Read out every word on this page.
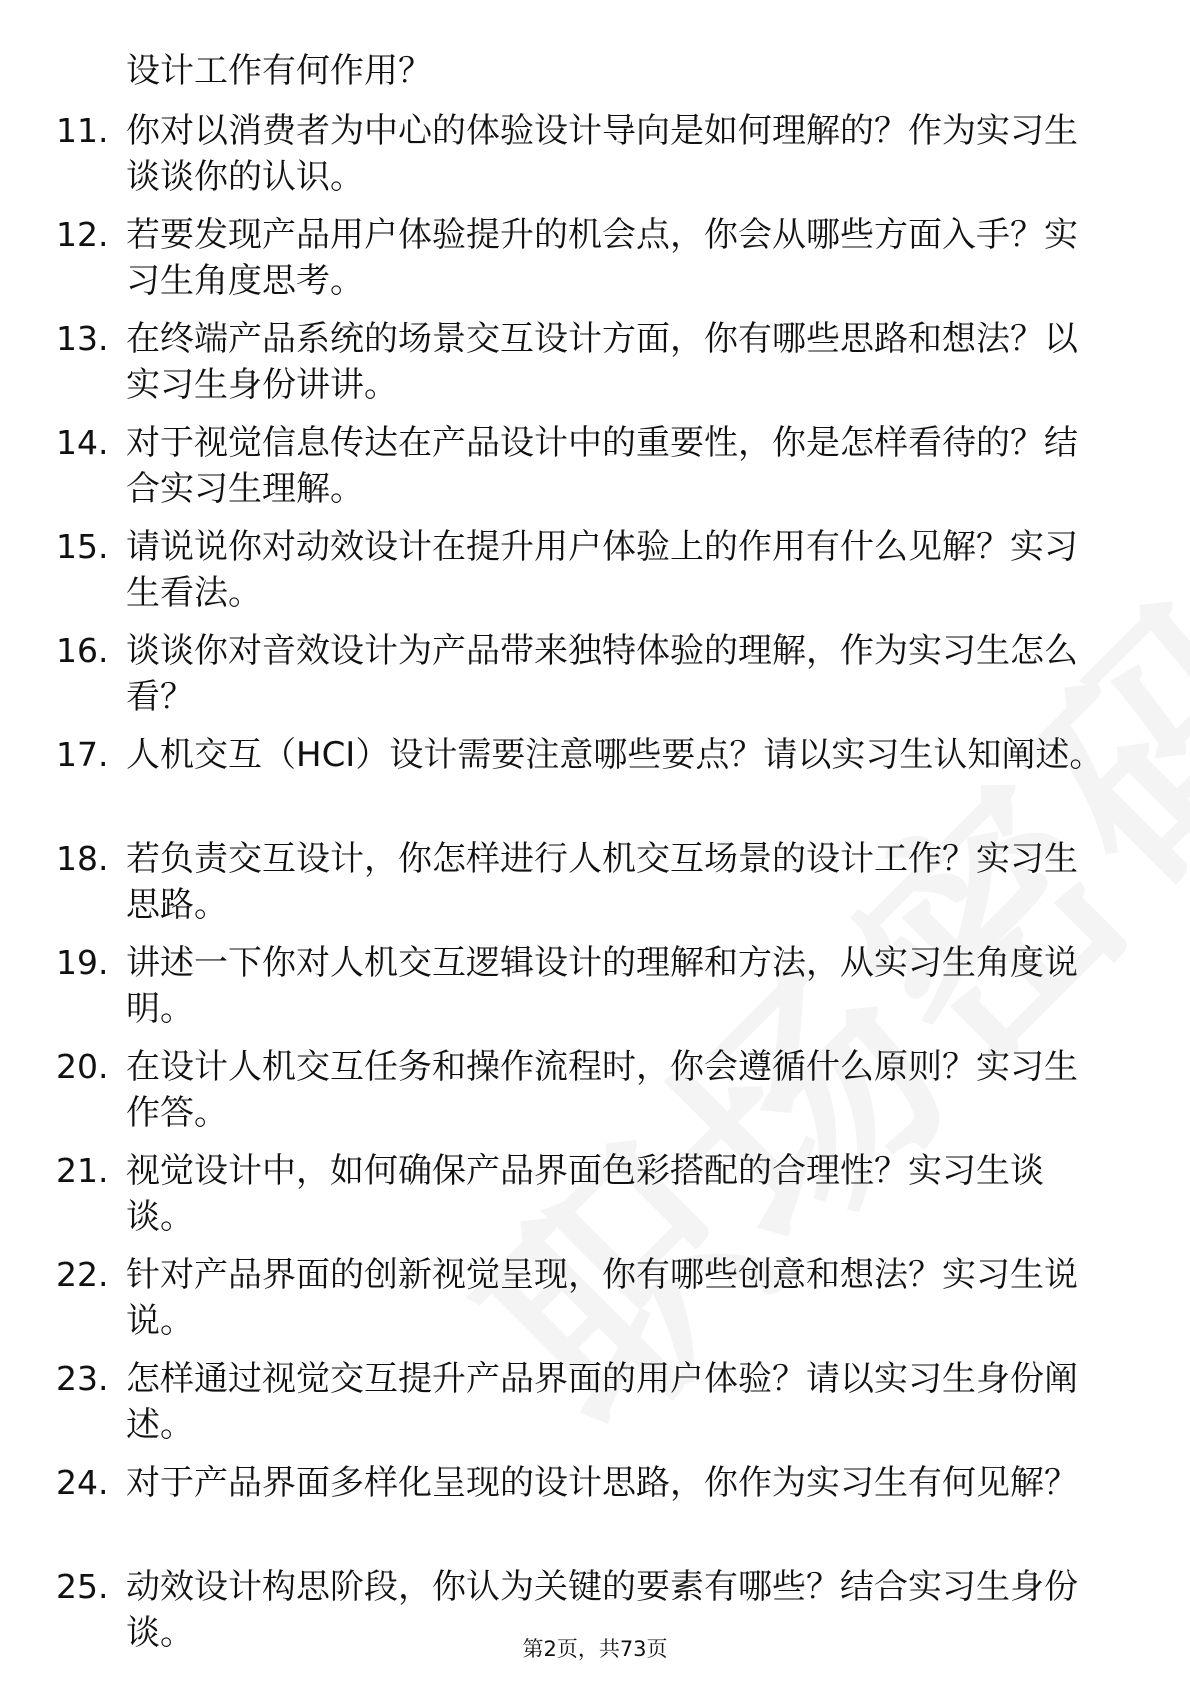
设计工作有何作用？
11. 你对以消费者为中心的体验设计导向是如何理解的？作为实习生谈谈你的认识。
12. 若要发现产品用户体验提升的机会点，你会从哪些方面入手？实习生角度思考。
13. 在终端产品系统的场景交互设计方面，你有哪些思路和想法？以实习生身份讲讲。
14. 对于视觉信息传达在产品设计中的重要性，你是怎样看待的？结合实习生理解。
15. 请说说你对动效设计在提升用户体验上的作用有什么见解？实习生看法。
16. 谈谈你对音效设计为产品带来独特体验的理解，作为实习生怎么看？
17. 人机交互（HCI）设计需要注意哪些要点？请以实习生认知阐述。
18. 若负责交互设计，你怎样进行人机交互场景的设计工作？实习生思路。
19. 讲述一下你对人机交互逻辑设计的理解和方法，从实习生角度说明。
20. 在设计人机交互任务和操作流程时，你会遵循什么原则？实习生作答。
21. 视觉设计中，如何确保产品界面色彩搭配的合理性？实习生谈谈。
22. 针对产品界面的创新视觉呈现，你有哪些创意和想法？实习生说说。
23. 怎样通过视觉交互提升产品界面的用户体验？请以实习生身份阐述。
24. 对于产品界面多样化呈现的设计思路，你作为实习生有何见解？
25. 动效设计构思阶段，你认为关键的要素有哪些？结合实习生身份谈。	第2页，共73页
